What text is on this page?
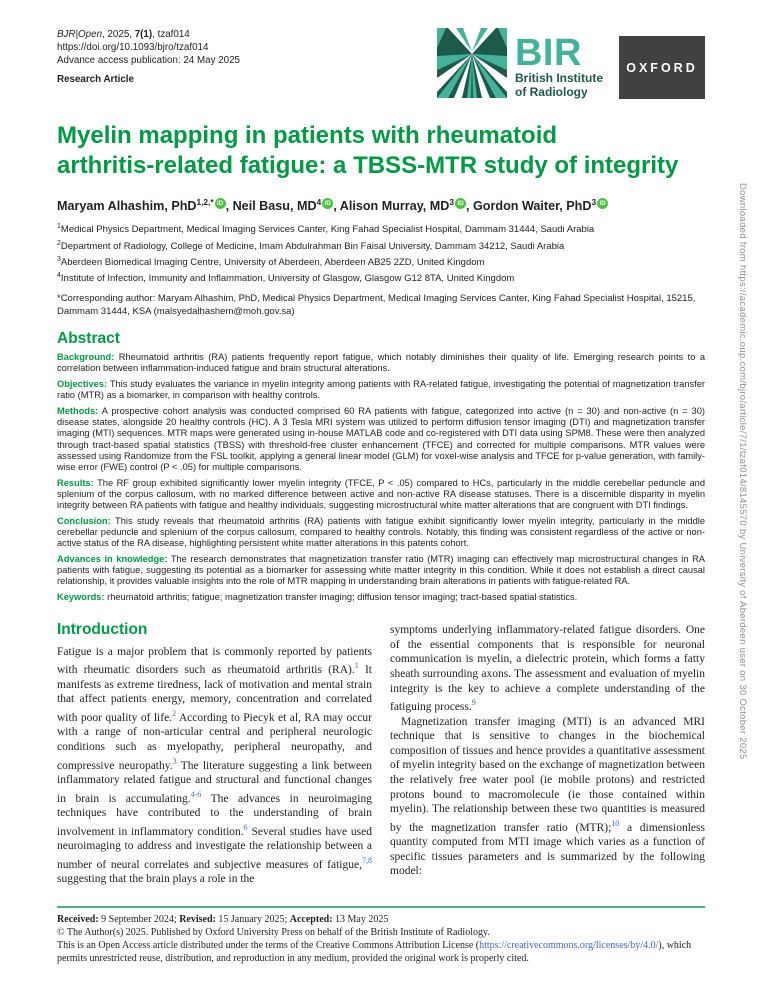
BJR|Open, 2025, 7(1), tzaf014
https://doi.org/10.1093/bjro/tzaf014
Advance access publication: 24 May 2025
Research Article
BIR
British Institute
of Radiology
OXFORD
Myelin mapping in patients with rheumatoid
arthritis-related fatigue: a TBSS-MTR study of integrity

Maryam Alhashim, PhD$^{1,2,*}$ iD , Neil Basu, $MD^4$ iD , Alison Murray, $MD^3$ iD , Gordon Waiter, PhD$^3$ iD

$^1$Medical Physics Department, Medical Imaging Services Canter, King Fahad Specialist Hospital, Dammam 31444, Saudi Arabia

$^2$Department of Radiology, College of Medicine, Imam Abdulrahman Bin Faisal University, Dammam 34212, Saudi Arabia

$^3$Aberdeen Biomedical Imaging Centre, University of Aberdeen, Aberdeen AB25 2ZD, United Kingdom

$^4$Institute of Infection, Immunity and Inflammation, University of Glasgow, Glasgow G12 8TA, United Kingdom

*Corresponding author: Maryam Alhashim, PhD, Medical Physics Department, Medical Imaging Services Canter, King Fahad Specialist Hospital, 15215, Dammam 31444, KSA (malsyedalhashem@moh.gov.sa)

Abstract

Background: Rheumatoid arthritis (RA) patients frequently report fatigue, which notably diminishes their quality of life. Emerging research points to a correlation between inflammation-induced fatigue and brain structural alterations.

Objectives: This study evaluates the variance in myelin integrity among patients with RA-related fatigue, investigating the potential of magnetization transfer ratio (MTR) as a biomarker, in comparison with healthy controls.

Methods: A prospective cohort analysis was conducted comprised 60 RA patients with fatigue, categorized into active (n = 30) and non-active (n = 30) disease states, alongside 20 healthy controls (HC). A 3 Tesla MRI system was utilized to perform diffusion tensor imaging (DTI) and magnetization transfer imaging (MTI) sequences. MTR maps were generated using in-house MATLAB code and co-registered with DTI data using SPM8. These were then analyzed through tract-based spatial statistics (TBSS) with threshold-free cluster enhancement (TFCE) and corrected for multiple comparisons. MTR values were assessed using Randomize from the FSL toolkit, applying a general linear model (GLM) for voxel-wise analysis and TFCE for p-value generation, with family-wise error (FWE) control (P < .05) for multiple comparisons.

Results: The RF group exhibited significantly lower myelin integrity (TFCE, P < .05) compared to HCs, particularly in the middle cerebellar peduncle and splenium of the corpus callosum, with no marked difference between active and non-active RA disease statuses. There is a discernible disparity in myelin integrity between RA patients with fatigue and healthy individuals, suggesting microstructural white matter alterations that are congruent with DTI findings.

Conclusion: This study reveals that rheumatoid arthritis (RA) patients with fatigue exhibit significantly lower myelin integrity, particularly in the middle cerebellar peduncle and splenium of the corpus callosum, compared to healthy controls. Notably, this finding was consistent regardless of the active or non-active status of the RA disease, highlighting persistent white matter alterations in this patents cohort.

Advances in knowledge: The research demonstrates that magnetization transfer ratio (MTR) imaging can effectively map microstructural changes in RA patients with fatigue, suggesting its potential as a biomarker for assessing white matter integrity in this condition. While it does not establish a direct causal relationship, it provides valuable insights into the role of MTR mapping in understanding brain alterations in patients with fatigue-related RA.

Keywords: rheumatoid arthritis; fatigue; magnetization transfer imaging; diffusion tensor imaging; tract-based spatial statistics.

Introduction

Fatigue is a major problem that is commonly reported by patients with rheumatic disorders such as rheumatoid arthritis (RA).$^1$ It manifests as extreme tiredness, lack of motivation and mental strain that affect patients energy, memory, concentration and correlated with poor quality of life.$^2$ According to Piecyk et al, RA may occur with a range of non-articular central and peripheral neurologic conditions such as myelopathy, peripheral neuropathy, and compressive neuropathy.$^3$ The literature suggesting a link between inflammatory related fatigue and structural and functional changes in brain is accumulating.$^{4-6}$ The advances in neuroimaging techniques have contributed to the understanding of brain involvement in inflammatory condition.$^6$ Several studies have used neuroimaging to address and investigate the relationship between a number of neural correlates and subjective measures of fatigue,$^{7,8}$ suggesting that the brain plays a role in the

symptoms underlying inflammatory-related fatigue disorders. One of the essential components that is responsible for neuronal communication is myelin, a dielectric protein, which forms a fatty sheath surrounding axons. The assessment and evaluation of myelin integrity is the key to achieve a complete understanding of the fatiguing process.$^9$

Magnetization transfer imaging (MTI) is an advanced MRI technique that is sensitive to changes in the biochemical composition of tissues and hence provides a quantitative assessment of myelin integrity based on the exchange of magnetization between the relatively free water pool (ie mobile protons) and restricted protons bound to macromolecule (ie those contained within myelin). The relationship between these two quantities is measured by the magnetization transfer ratio (MTR);$^{10}$ a dimensionless quantity computed from MTI image which varies as a function of specific tissues parameters and is summarized by the following model:

Received: 9 September 2024; Revised: 15 January 2025; Accepted: 13 May 2025

© The Author(s) 2025. Published by Oxford University Press on behalf of the British Institute of Radiology.

This is an Open Access article distributed under the terms of the Creative Commons Attribution License (https://creativecommons.org/licenses/by/4.0/), which permits unrestricted reuse, distribution, and reproduction in any medium, provided the original work is properly cited.

Downloaded from https://academic.oup.com/bjro/article/7/1/tzaf014/8145570 by University of Aberdeen user on 30 October 2025
